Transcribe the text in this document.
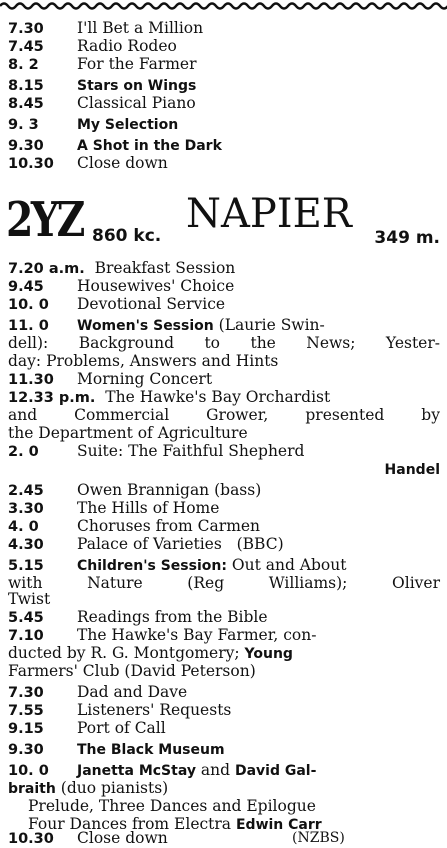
7.30 I'll Bet a Million
7.45 Radio Rodeo
8. 2 For the Farmer
8.15 Stars on Wings
8.45 Classical Piano
9. 3	My Selection
9.30 A Shot in the Dark
10.30 Close down
2YZ 860 kc. NAPIER
349 m.
7.20 a.m. Breakfast Session
9.45 Housewives' Choice
10. 0 Devotional Service
11. 0 Women's Session (Laurie Swin-
dell): Background to the News; Yester-
day: Problems, Answers and Hints
11.30 Morning Concert
12.33 p.m. The Hawke's Bay Orchardist
and Commercial Grower, presented by
the Department of Agriculture
2. 0 Suite: The Faithful Shepherd
Handel
2.45 Owen Brannigan (bass)
3.30 The Hills of Home
4. 0 Choruses from Carmen
4.30 Palace of Varieties   (BBC)
5.15 Children's Session: Out and About
with Nature (Reg Williams); Oliver
Twist
5.45 Readings from the Bible
7.10 The Hawke's Bay Farmer, con-
ducted by R. G. Montgomery; Young
Farmers' Club (David Peterson)
7.30 Dad and Dave
7.55 Listeners' Requests
9.15 Port of Call
9.30 The Black Museum
10. 0 Janetta McStay and David Gal-
braith (duo pianists)
Prelude, Three Dances and Epilogue
Four Dances from Electra Edwin Carr
10.30 Close down	(NZBS)
